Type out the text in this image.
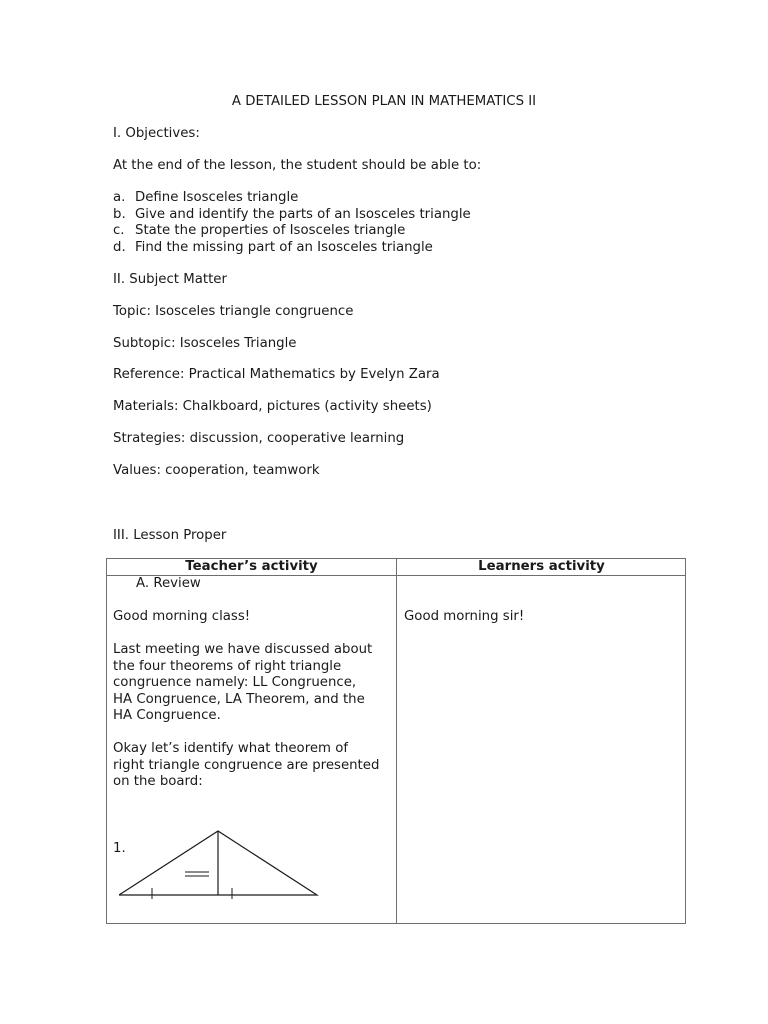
A DETAILED LESSON PLAN IN MATHEMATICS II
I. Objectives:
At the end of the lesson, the student should be able to:
a. Define Isosceles triangle
b. Give and identify the parts of an Isosceles triangle
c. State the properties of Isosceles triangle
d. Find the missing part of an Isosceles triangle
II. Subject Matter
Topic: Isosceles triangle congruence
Subtopic: Isosceles Triangle
Reference: Practical Mathematics by Evelyn Zara
Materials: Chalkboard, pictures (activity sheets)
Strategies: discussion, cooperative learning
Values: cooperation, teamwork
III. Lesson Proper
Teacher’s activity	Learners activity
A. Review
Good morning class!	Good morning sir!
Last meeting we have discussed about
the four theorems of right triangle
congruence namely: LL Congruence,
HA Congruence, LA Theorem, and the
HA Congruence.
Okay let’s identify what theorem of
right triangle congruence are presented
on the board:
1.
